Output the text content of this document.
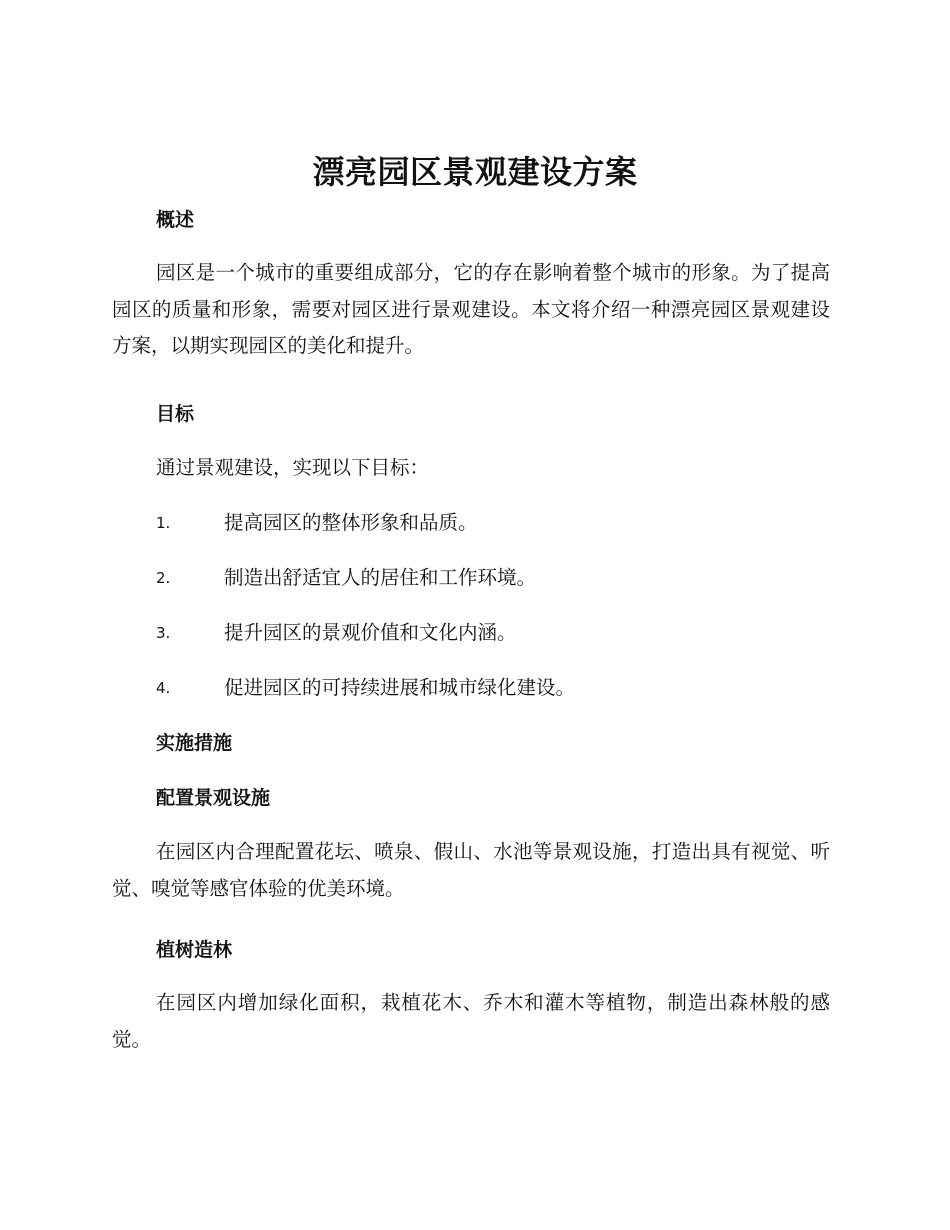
漂亮园区景观建设方案
概述
园区是一个城市的重要组成部分，它的存在影响着整个城市的形象。为了提高园区的质量和形象，需要对园区进行景观建设。本文将介绍一种漂亮园区景观建设方案，以期实现园区的美化和提升。
目标
通过景观建设，实现以下目标：
1.	提高园区的整体形象和品质。
2.	制造出舒适宜人的居住和工作环境。
3.	提升园区的景观价值和文化内涵。
4.	促进园区的可持续进展和城市绿化建设。
实施措施
配置景观设施
在园区内合理配置花坛、喷泉、假山、水池等景观设施，打造出具有视觉、听觉、嗅觉等感官体验的优美环境。
植树造林
在园区内增加绿化面积，栽植花木、乔木和灌木等植物，制造出森林般的感觉。
